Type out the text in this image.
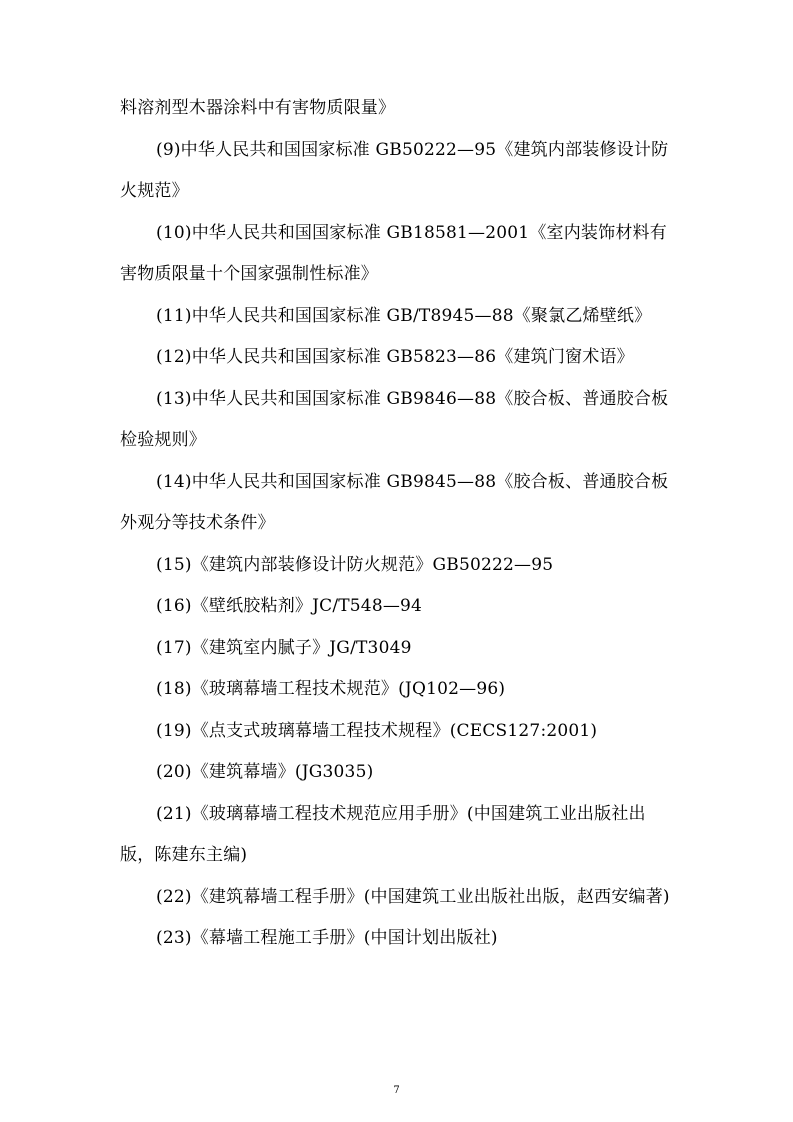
料溶剂型木器涂料中有害物质限量》

(9)中华人民共和国国家标准 GB50222—95《建筑内部装修设计防火规范》

(10)中华人民共和国国家标准 GB18581—2001《室内装饰材料有害物质限量十个国家强制性标准》

(11)中华人民共和国国家标准 GB/T8945—88《聚氯乙烯壁纸》

(12)中华人民共和国国家标准 GB5823—86《建筑门窗术语》

(13)中华人民共和国国家标准 GB9846—88《胶合板、普通胶合板检验规则》

(14)中华人民共和国国家标准 GB9845—88《胶合板、普通胶合板外观分等技术条件》

(15)《建筑内部装修设计防火规范》GB50222—95

(16)《壁纸胶粘剂》JC/T548—94

(17)《建筑室内腻子》JG/T3049

(18)《玻璃幕墙工程技术规范》(JQ102—96)

(19)《点支式玻璃幕墙工程技术规程》(CECS127:2001)

(20)《建筑幕墙》(JG3035)

(21)《玻璃幕墙工程技术规范应用手册》(中国建筑工业出版社出版，陈建东主编)

(22)《建筑幕墙工程手册》(中国建筑工业出版社出版，赵西安编著)

(23)《幕墙工程施工手册》(中国计划出版社)

7
